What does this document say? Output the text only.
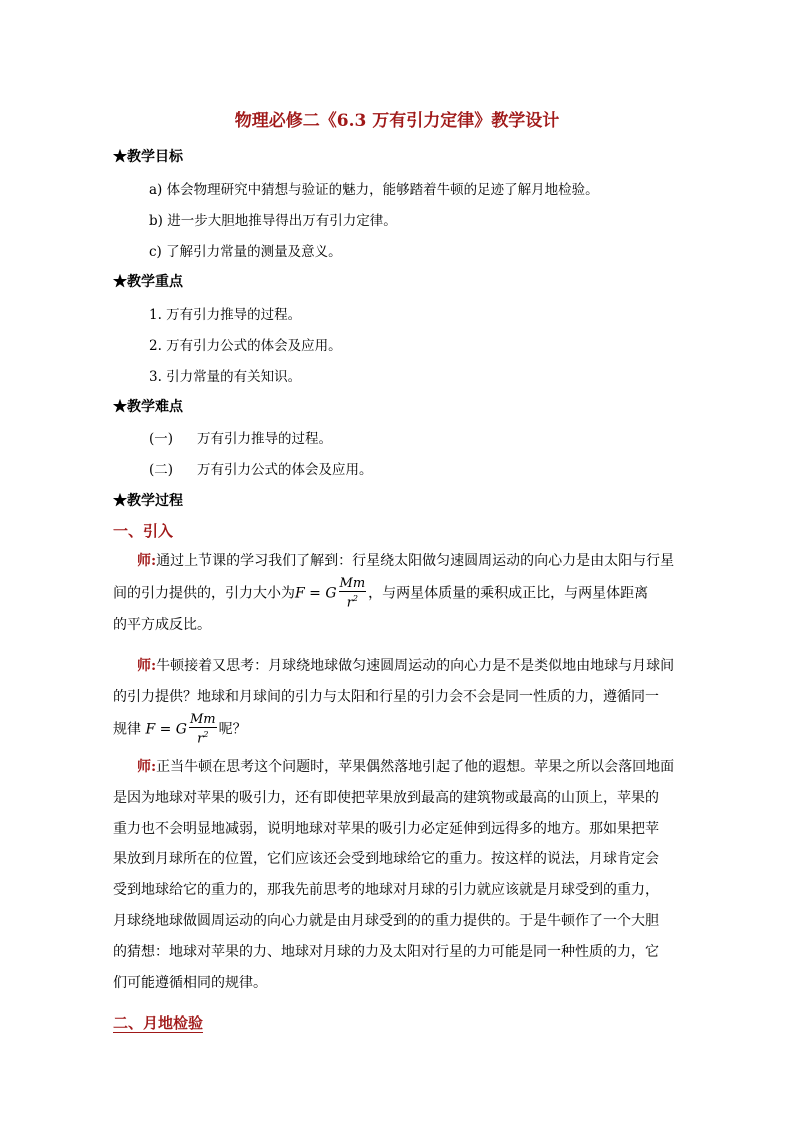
物理必修二《6.3 万有引力定律》教学设计
★教学目标
a) 体会物理研究中猜想与验证的魅力，能够踏着牛顿的足迹了解月地检验。
b) 进一步大胆地推导得出万有引力定律。
c) 了解引力常量的测量及意义。
★教学重点
1. 万有引力推导的过程。
2. 万有引力公式的体会及应用。
3. 引力常量的有关知识。
★教学难点
(一) 万有引力推导的过程。
(二) 万有引力公式的体会及应用。
★教学过程
一、引入
师:通过上节课的学习我们了解到：行星绕太阳做匀速圆周运动的向心力是由太阳与行星
间的引力提供的，引力大小为F = G $\frac{Mm}{r^2}$ ，与两星体质量的乘积成正比，与两星体距离
的平方成反比。
师:牛顿接着又思考：月球绕地球做匀速圆周运动的向心力是不是类似地由地球与月球间
的引力提供？地球和月球间的引力与太阳和行星的引力会不会是同一性质的力，遵循同一
规律 F = G $\frac{Mm}{r^2}$ 呢？
师:正当牛顿在思考这个问题时，苹果偶然落地引起了他的遐想。苹果之所以会落回地面
是因为地球对苹果的吸引力，还有即使把苹果放到最高的建筑物或最高的山顶上，苹果的
重力也不会明显地减弱，说明地球对苹果的吸引力必定延伸到远得多的地方。那如果把苹
果放到月球所在的位置，它们应该还会受到地球给它的重力。按这样的说法，月球肯定会
受到地球给它的重力的，那我先前思考的地球对月球的引力就应该就是月球受到的重力，
月球绕地球做圆周运动的向心力就是由月球受到的的重力提供的。于是牛顿作了一个大胆
的猜想：地球对苹果的力、地球对月球的力及太阳对行星的力可能是同一种性质的力，它
们可能遵循相同的规律。
二、月地检验
